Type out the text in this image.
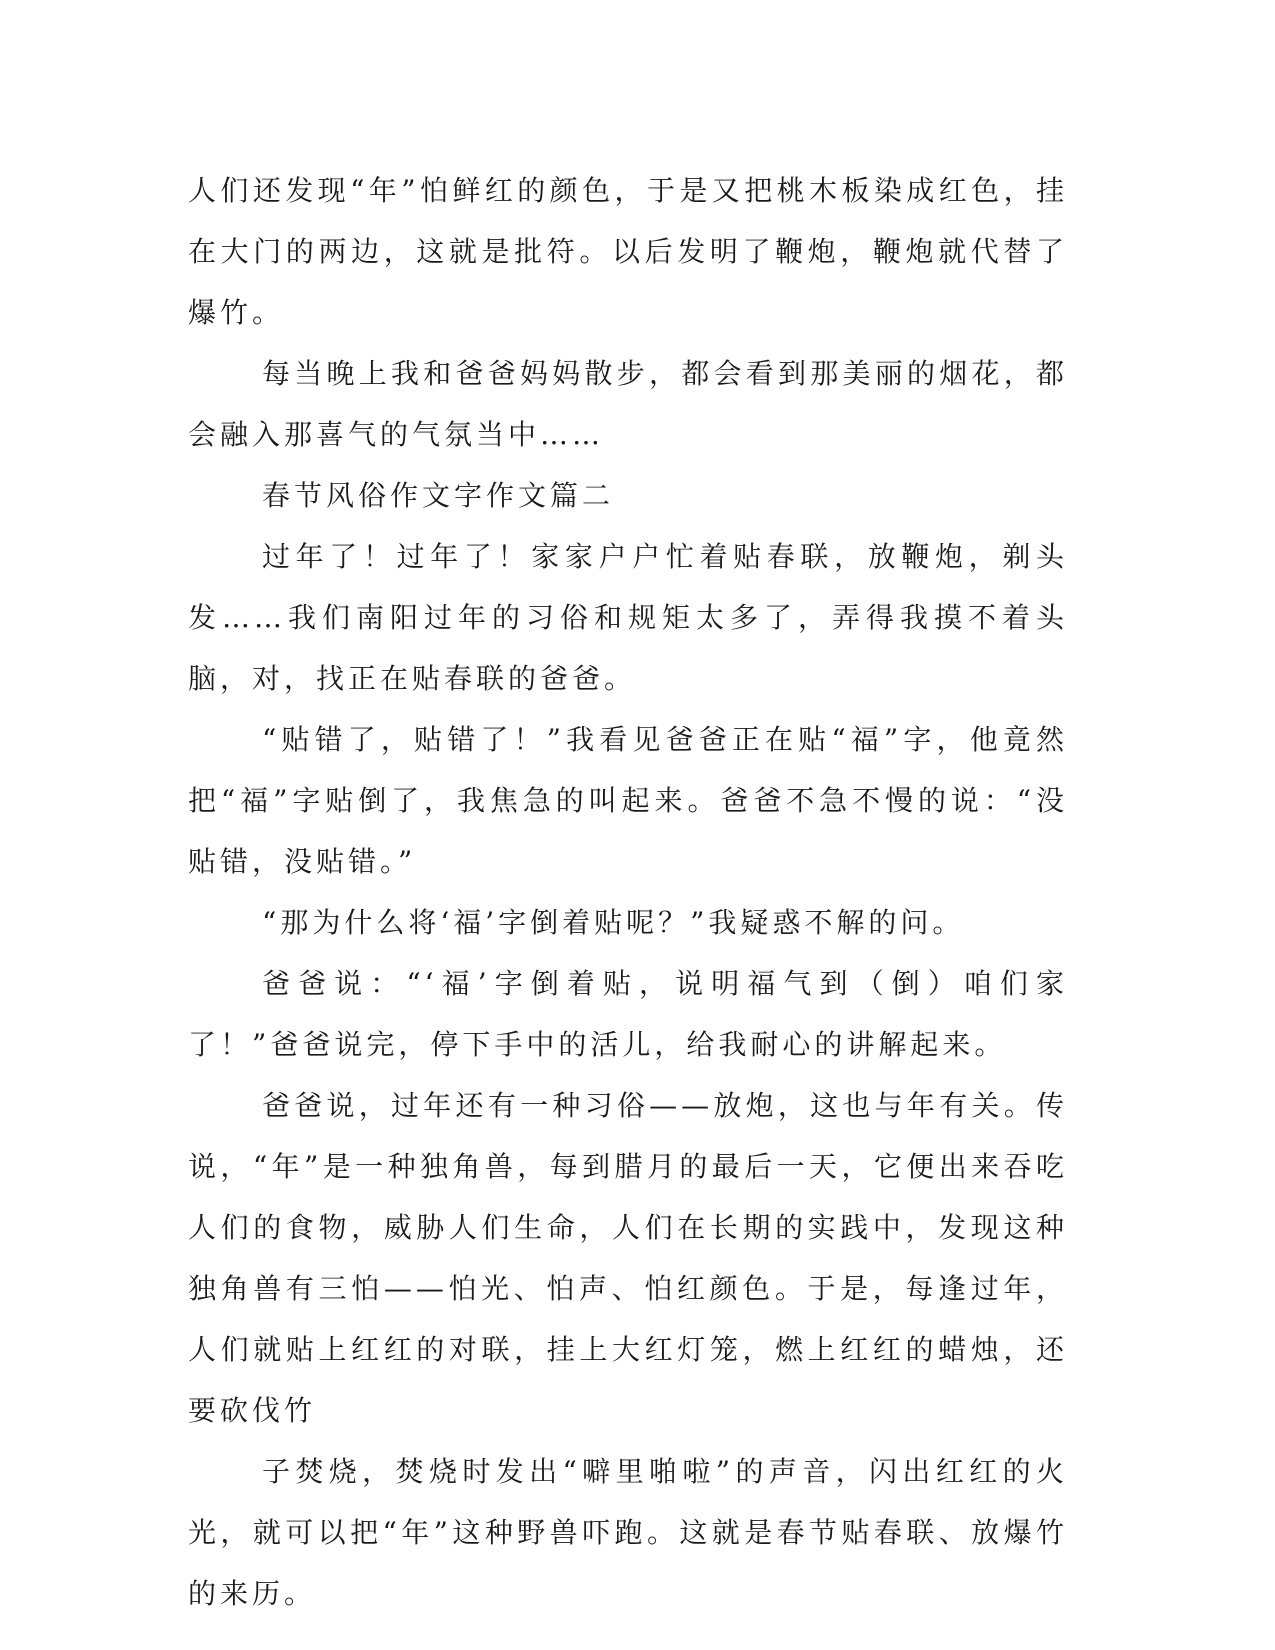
人们还发现“年”怕鲜红的颜色，于是又把桃木板染成红色，挂在大门的两边，这就是批符。以后发明了鞭炮，鞭炮就代替了爆竹。

每当晚上我和爸爸妈妈散步，都会看到那美丽的烟花，都会融入那喜气的气氛当中……

春节风俗作文字作文篇二

过年了！过年了！家家户户忙着贴春联，放鞭炮，剃头发……我们南阳过年的习俗和规矩太多了，弄得我摸不着头脑，对，找正在贴春联的爸爸。

“贴错了，贴错了！”我看见爸爸正在贴“福”字，他竟然把“福”字贴倒了，我焦急的叫起来。爸爸不急不慢的说：“没贴错，没贴错。”

“那为什么将‘福’字倒着贴呢？”我疑惑不解的问。

爸爸说：“‘福’字倒着贴，说明福气到（倒）咱们家了！”爸爸说完，停下手中的活儿，给我耐心的讲解起来。

爸爸说，过年还有一种习俗——放炮，这也与年有关。传说，“年”是一种独角兽，每到腊月的最后一天，它便出来吞吃人们的食物，威胁人们生命，人们在长期的实践中，发现这种独角兽有三怕——怕光、怕声、怕红颜色。于是，每逢过年，人们就贴上红红的对联，挂上大红灯笼，燃上红红的蜡烛，还要砍伐竹

子焚烧，焚烧时发出“噼里啪啦”的声音，闪出红红的火光，就可以把“年”这种野兽吓跑。这就是春节贴春联、放爆竹的来历。
